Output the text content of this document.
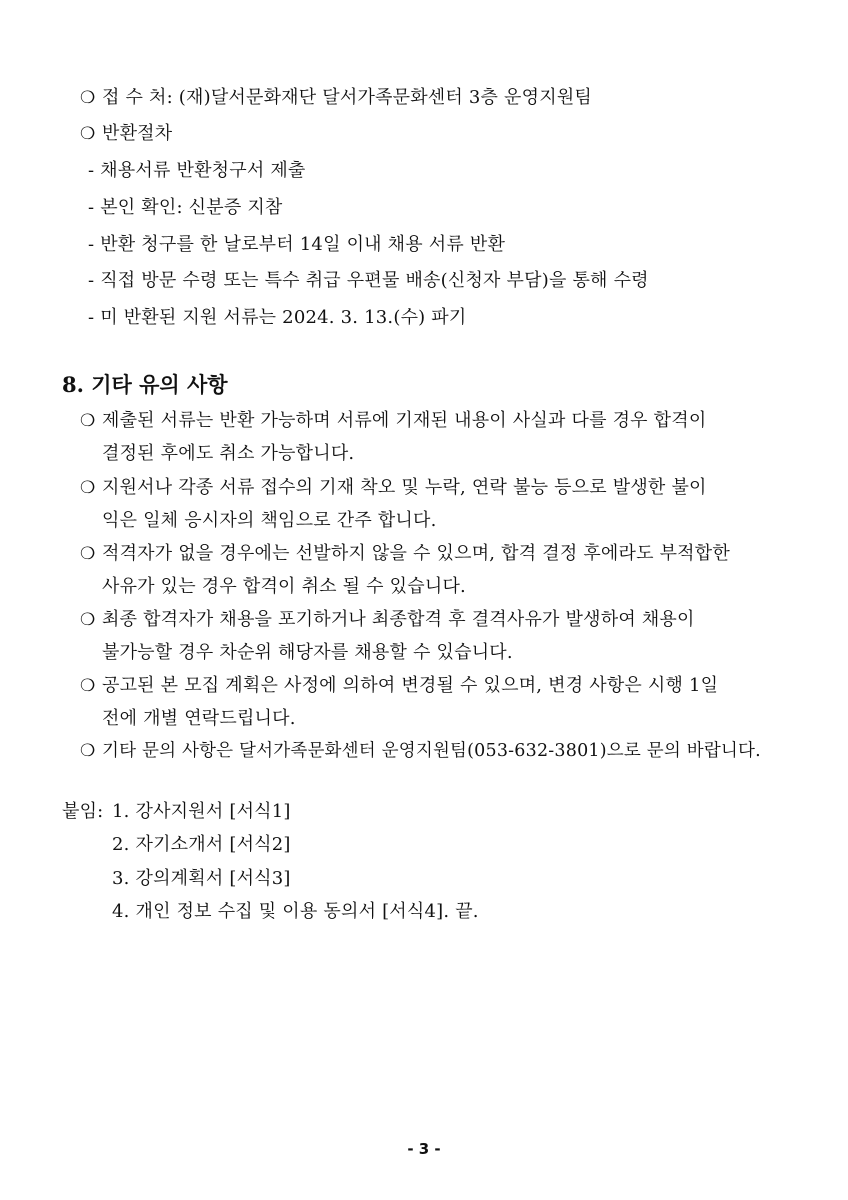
❍ 접 수 처: (재)달서문화재단 달서가족문화센터 3층 운영지원팀
❍ 반환절차
- 채용서류 반환청구서 제출
- 본인 확인: 신분증 지참
- 반환 청구를 한 날로부터 14일 이내 채용 서류 반환
- 직접 방문 수령 또는 특수 취급 우편물 배송(신청자 부담)을 통해 수령
- 미 반환된 지원 서류는 2024. 3. 13.(수) 파기
8. 기타 유의 사항
❍ 제출된 서류는 반환 가능하며 서류에 기재된 내용이 사실과 다를 경우 합격이
결정된 후에도 취소 가능합니다.
❍ 지원서나 각종 서류 접수의 기재 착오 및 누락, 연락 불능 등으로 발생한 불이
익은 일체 응시자의 책임으로 간주 합니다.
❍ 적격자가 없을 경우에는 선발하지 않을 수 있으며, 합격 결정 후에라도 부적합한
사유가 있는 경우 합격이 취소 될 수 있습니다.
❍ 최종 합격자가 채용을 포기하거나 최종합격 후 결격사유가 발생하여 채용이
불가능할 경우 차순위 해당자를 채용할 수 있습니다.
❍ 공고된 본 모집 계획은 사정에 의하여 변경될 수 있으며, 변경 사항은 시행 1일
전에 개별 연락드립니다.
❍ 기타 문의 사항은 달서가족문화센터 운영지원팀(053-632-3801)으로 문의 바랍니다.
붙임: 1. 강사지원서 [서식1]
2. 자기소개서 [서식2]
3. 강의계획서 [서식3]
4. 개인 정보 수집 및 이용 동의서 [서식4]. 끝.
- 3 -
